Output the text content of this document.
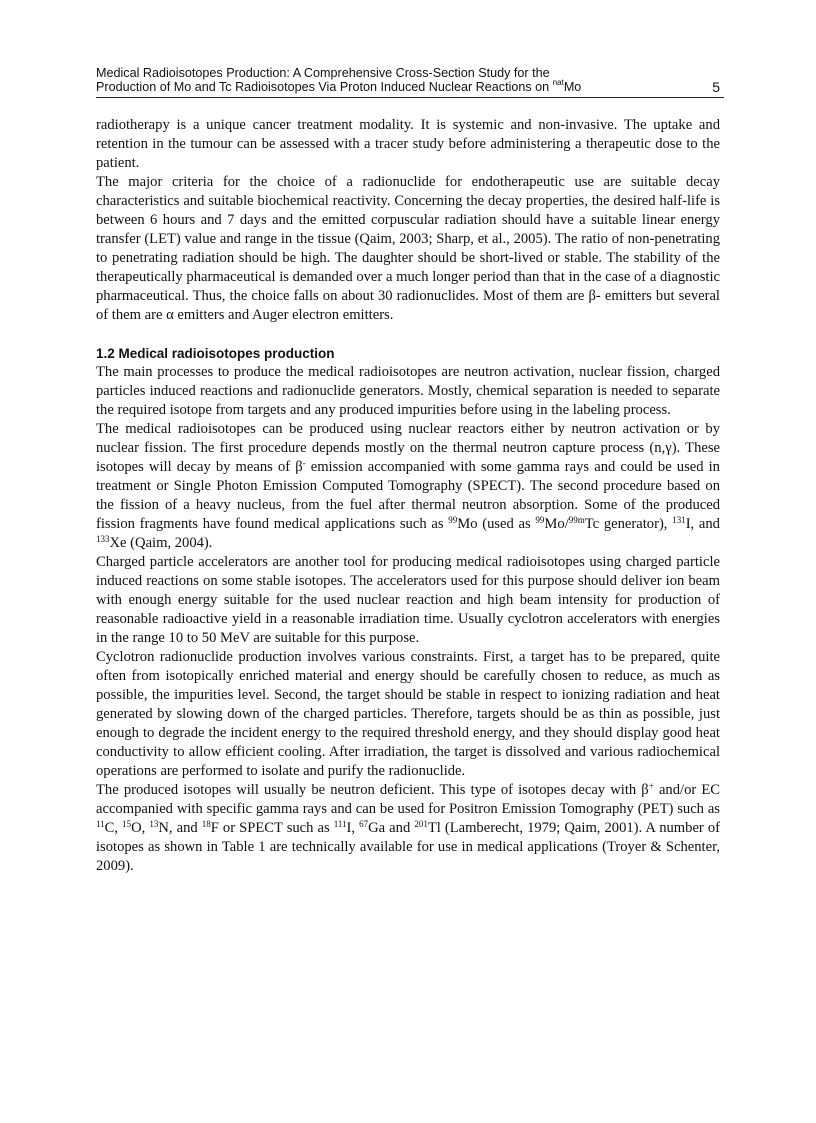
Medical Radioisotopes Production: A Comprehensive Cross-Section Study for the
Production of Mo and Tc Radioisotopes Via Proton Induced Nuclear Reactions on $^{nat}$Mo	5

radiotherapy is a unique cancer treatment modality. It is systemic and non-invasive. The uptake and retention in the tumour can be assessed with a tracer study before administering a therapeutic dose to the patient.

The major criteria for the choice of a radionuclide for endotherapeutic use are suitable decay characteristics and suitable biochemical reactivity. Concerning the decay properties, the desired half-life is between 6 hours and 7 days and the emitted corpuscular radiation should have a suitable linear energy transfer (LET) value and range in the tissue (Qaim, 2003; Sharp, et al., 2005). The ratio of non-penetrating to penetrating radiation should be high. The daughter should be short-lived or stable. The stability of the therapeutically pharmaceutical is demanded over a much longer period than that in the case of a diagnostic pharmaceutical. Thus, the choice falls on about 30 radionuclides. Most of them are β- emitters but several of them are α emitters and Auger electron emitters.

1.2 Medical radioisotopes production

The main processes to produce the medical radioisotopes are neutron activation, nuclear fission, charged particles induced reactions and radionuclide generators. Mostly, chemical separation is needed to separate the required isotope from targets and any produced impurities before using in the labeling process.

The medical radioisotopes can be produced using nuclear reactors either by neutron activation or by nuclear fission. The first procedure depends mostly on the thermal neutron capture process (n,γ). These isotopes will decay by means of β- emission accompanied with some gamma rays and could be used in treatment or Single Photon Emission Computed Tomography (SPECT). The second procedure based on the fission of a heavy nucleus, from the fuel after thermal neutron absorption. Some of the produced fission fragments have found medical applications such as $^{99}$Mo (used as $^{99}$Mo/$^{99m}$Tc generator), $^{131}$I, and $^{133}$Xe (Qaim, 2004).

Charged particle accelerators are another tool for producing medical radioisotopes using charged particle induced reactions on some stable isotopes. The accelerators used for this purpose should deliver ion beam with enough energy suitable for the used nuclear reaction and high beam intensity for production of reasonable radioactive yield in a reasonable irradiation time. Usually cyclotron accelerators with energies in the range 10 to 50 MeV are suitable for this purpose.

Cyclotron radionuclide production involves various constraints. First, a target has to be prepared, quite often from isotopically enriched material and energy should be carefully chosen to reduce, as much as possible, the impurities level. Second, the target should be stable in respect to ionizing radiation and heat generated by slowing down of the charged particles. Therefore, targets should be as thin as possible, just enough to degrade the incident energy to the required threshold energy, and they should display good heat conductivity to allow efficient cooling. After irradiation, the target is dissolved and various radiochemical operations are performed to isolate and purify the radionuclide.

The produced isotopes will usually be neutron deficient. This type of isotopes decay with β+ and/or EC accompanied with specific gamma rays and can be used for Positron Emission Tomography (PET) such as $^{11}$C, $^{15}$O, $^{13}$N, and $^{18}$F or SPECT such as $^{111}$I, $^{67}$Ga and $^{201}$Tl (Lamberecht, 1979; Qaim, 2001). A number of isotopes as shown in Table 1 are technically available for use in medical applications (Troyer & Schenter, 2009).
